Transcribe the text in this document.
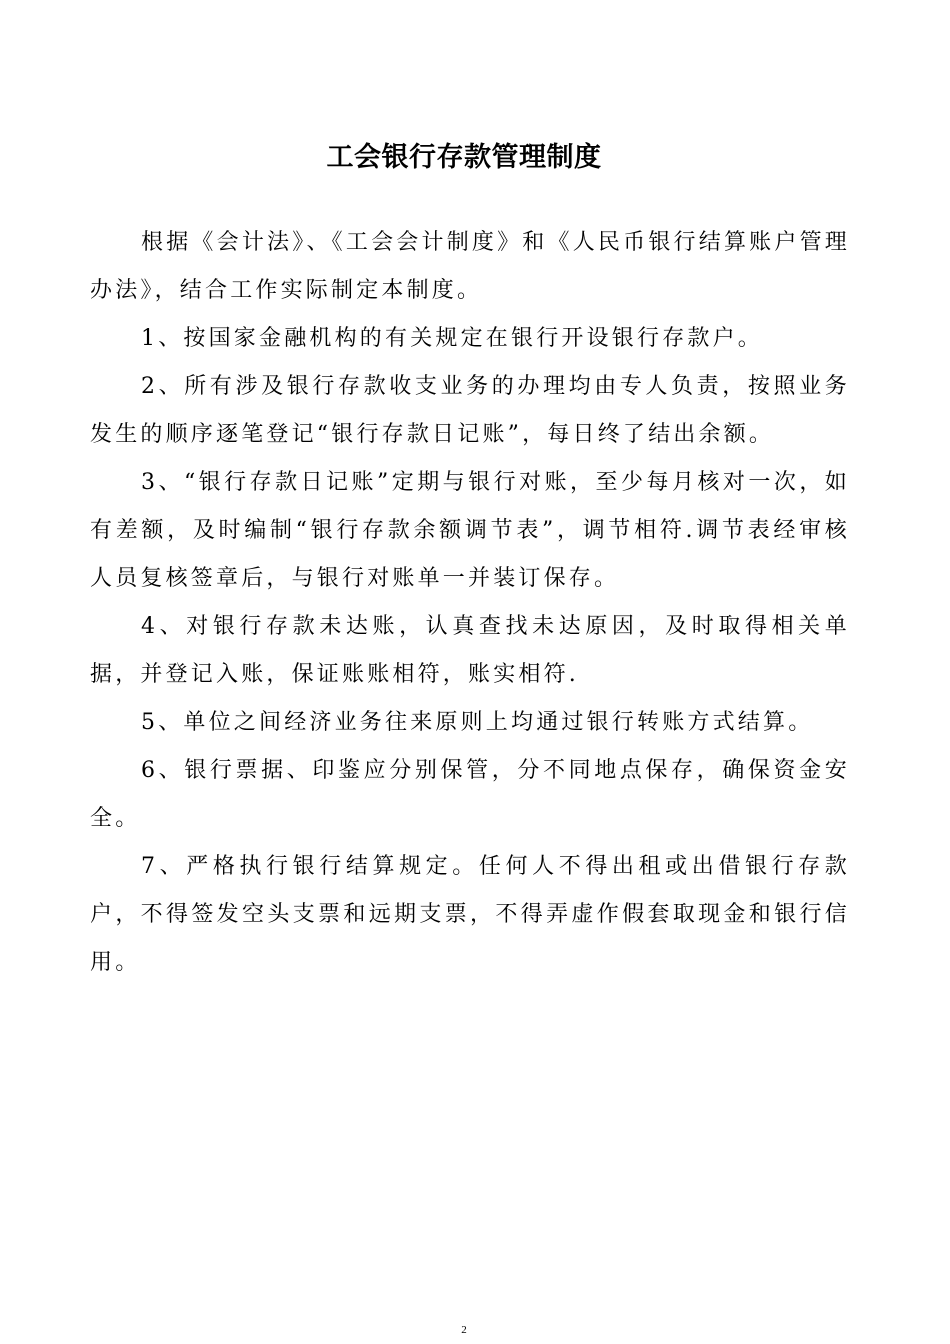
工会银行存款管理制度

根据《会计法》、《工会会计制度》和《人民币银行结算账户管理办法》，结合工作实际制定本制度。

1、按国家金融机构的有关规定在银行开设银行存款户。

2、所有涉及银行存款收支业务的办理均由专人负责，按照业务发生的顺序逐笔登记“银行存款日记账”，每日终了结出余额。

3、“银行存款日记账”定期与银行对账，至少每月核对一次，如有差额，及时编制“银行存款余额调节表”，调节相符.调节表经审核人员复核签章后，与银行对账单一并装订保存。

4、对银行存款未达账，认真查找未达原因，及时取得相关单据，并登记入账，保证账账相符，账实相符.

5、单位之间经济业务往来原则上均通过银行转账方式结算。

6、银行票据、印鉴应分别保管，分不同地点保存，确保资金安全。

7、严格执行银行结算规定。任何人不得出租或出借银行存款户，不得签发空头支票和远期支票，不得弄虚作假套取现金和银行信用。

2
